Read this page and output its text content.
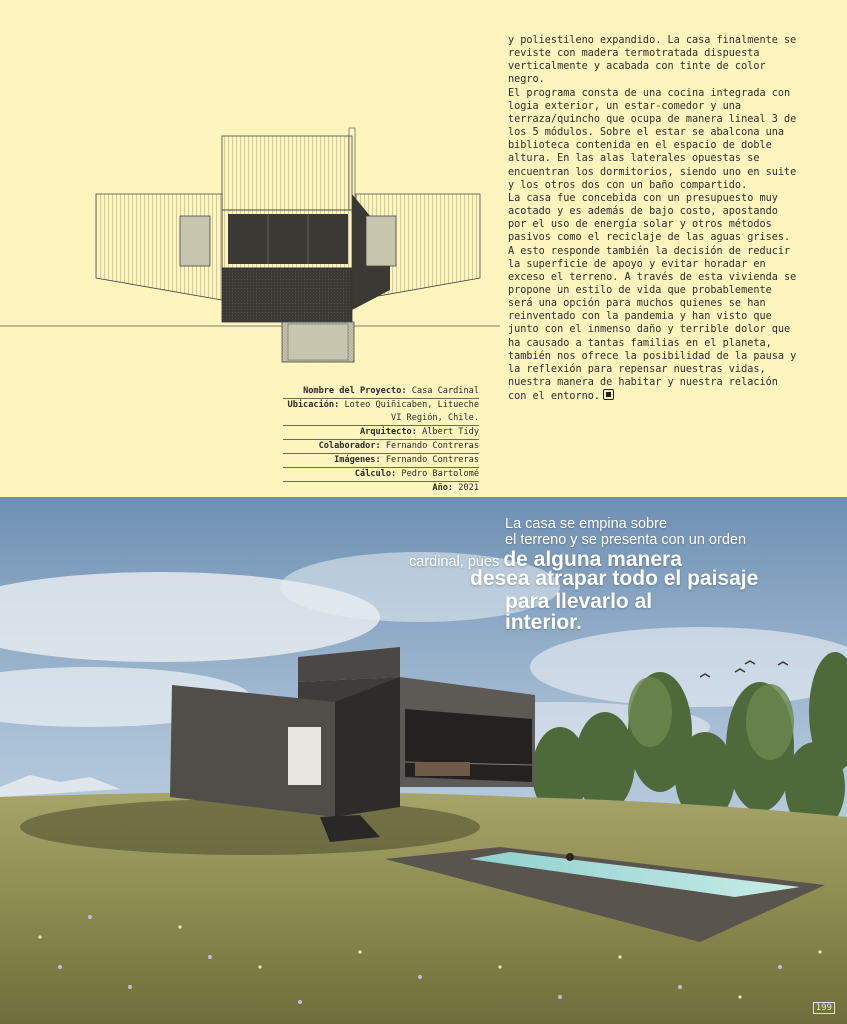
Nombre del Proyecto: Casa Cardinal
Ubicación: Loteo Quiñicaben, Litueche
VI Región, Chile.
Arquitecto: Albert Tidy
Colaborador: Fernando Contreras
Imágenes: Fernando Contreras
Cálculo: Pedro Bartolomé
Año: 2021

y poliestileno expandido. La casa finalmente se reviste con madera termotratada dispuesta verticalmente y acabada con tinte de color negro.

El programa consta de una cocina integrada con logia exterior, un estar-comedor y una terraza/quincho que ocupa de manera lineal 3 de los 5 módulos. Sobre el estar se abalcona una biblioteca contenida en el espacio de doble altura. En las alas laterales opuestas se encuentran los dormitorios, siendo uno en suite y los otros dos con un baño compartido.

La casa fue concebida con un presupuesto muy acotado y es además de bajo costo, apostando por el uso de energía solar y otros métodos pasivos como el reciclaje de las aguas grises. A esto responde también la decisión de reducir la superficie de apoyo y evitar horadar en exceso el terreno. A través de esta vivienda se propone un estilo de vida que probablemente será una opción para muchos quienes se han reinventado con la pandemia y han visto que junto con el inmenso daño y terrible dolor que ha causado a tantas familias en el planeta, también nos ofrece la posibilidad de la pausa y la reflexión para repensar nuestras vidas, nuestra manera de habitar y nuestra relación con el entorno.

La casa se empina sobre
el terreno y se presenta con un orden
cardinal, pues de alguna manera
desea atrapar todo el paisaje
para llevarlo al
interior.
199
